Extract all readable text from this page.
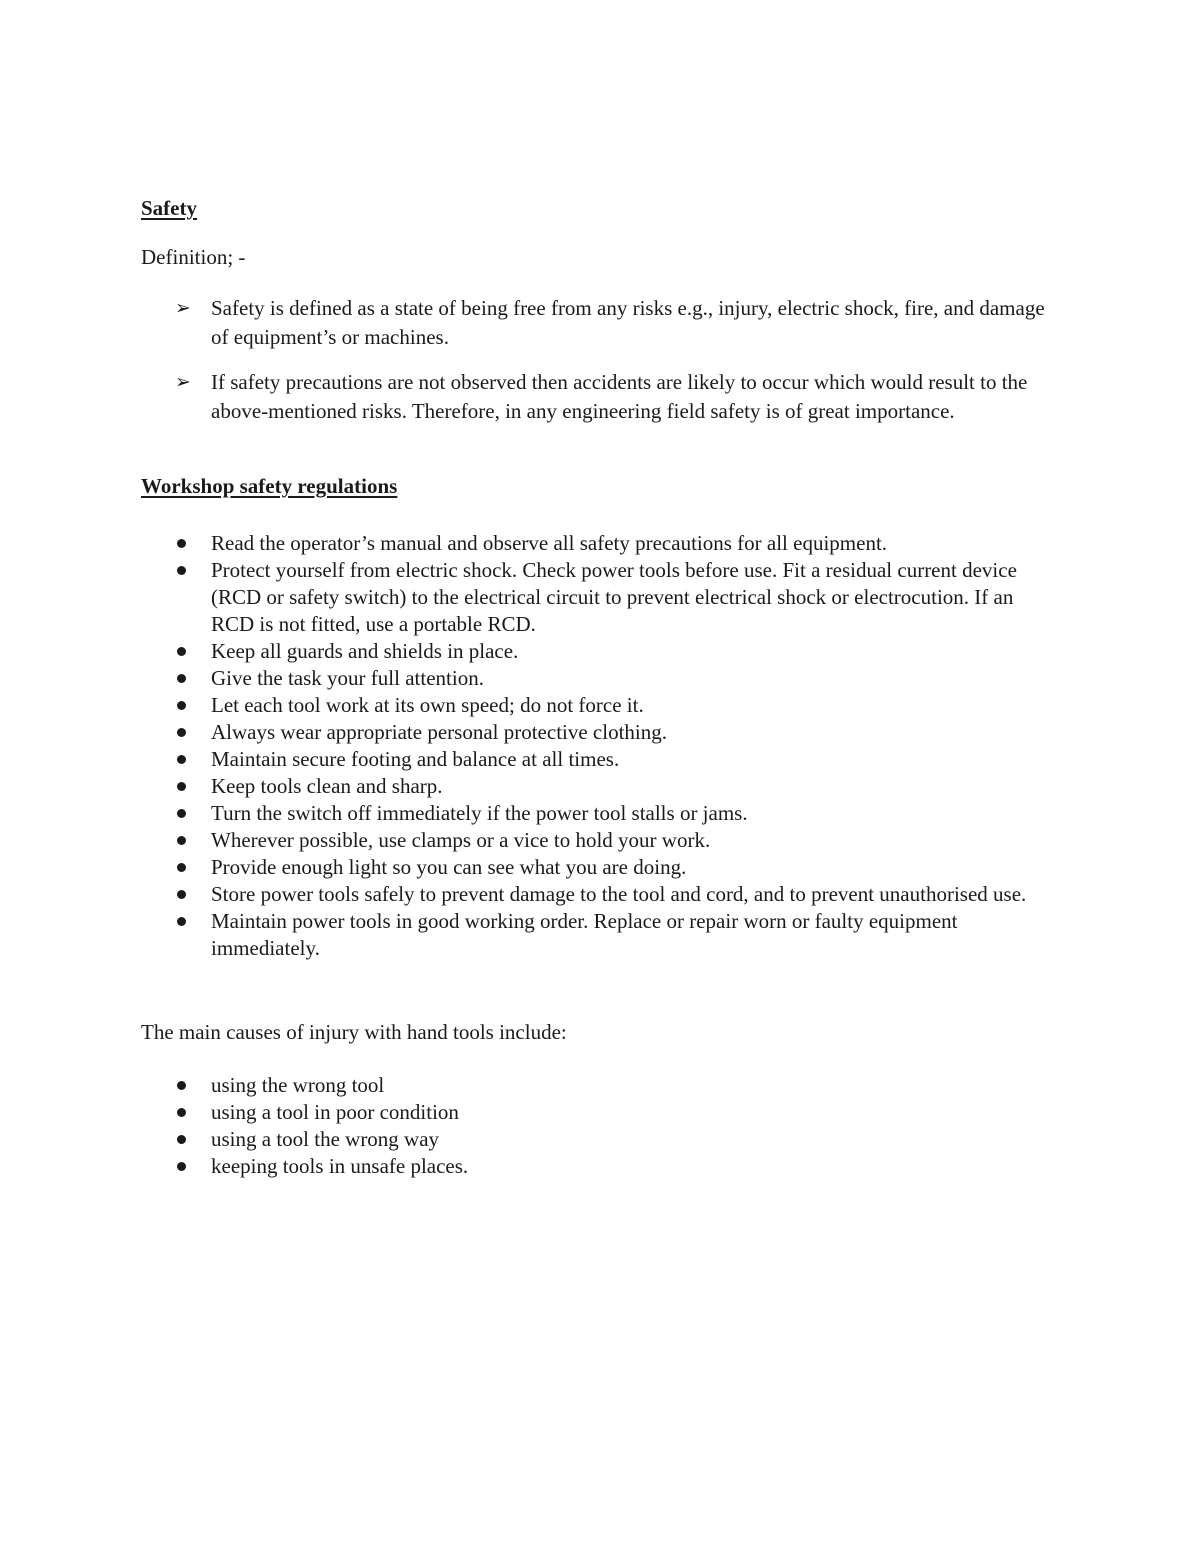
Safety
Definition; -
➢ Safety is defined as a state of being free from any risks e.g., injury, electric shock, fire, and damage of equipment’s or machines.
➢ If safety precautions are not observed then accidents are likely to occur which would result to the above-mentioned risks. Therefore, in any engineering field safety is of great importance.
Workshop safety regulations
Read the operator’s manual and observe all safety precautions for all equipment.
Protect yourself from electric shock. Check power tools before use. Fit a residual current device (RCD or safety switch) to the electrical circuit to prevent electrical shock or electrocution. If an RCD is not fitted, use a portable RCD.
Keep all guards and shields in place.
Give the task your full attention.
Let each tool work at its own speed; do not force it.
Always wear appropriate personal protective clothing.
Maintain secure footing and balance at all times.
Keep tools clean and sharp.
Turn the switch off immediately if the power tool stalls or jams.
Wherever possible, use clamps or a vice to hold your work.
Provide enough light so you can see what you are doing.
Store power tools safely to prevent damage to the tool and cord, and to prevent unauthorised use.
Maintain power tools in good working order. Replace or repair worn or faulty equipment immediately.
The main causes of injury with hand tools include:
using the wrong tool
using a tool in poor condition
using a tool the wrong way
keeping tools in unsafe places.
